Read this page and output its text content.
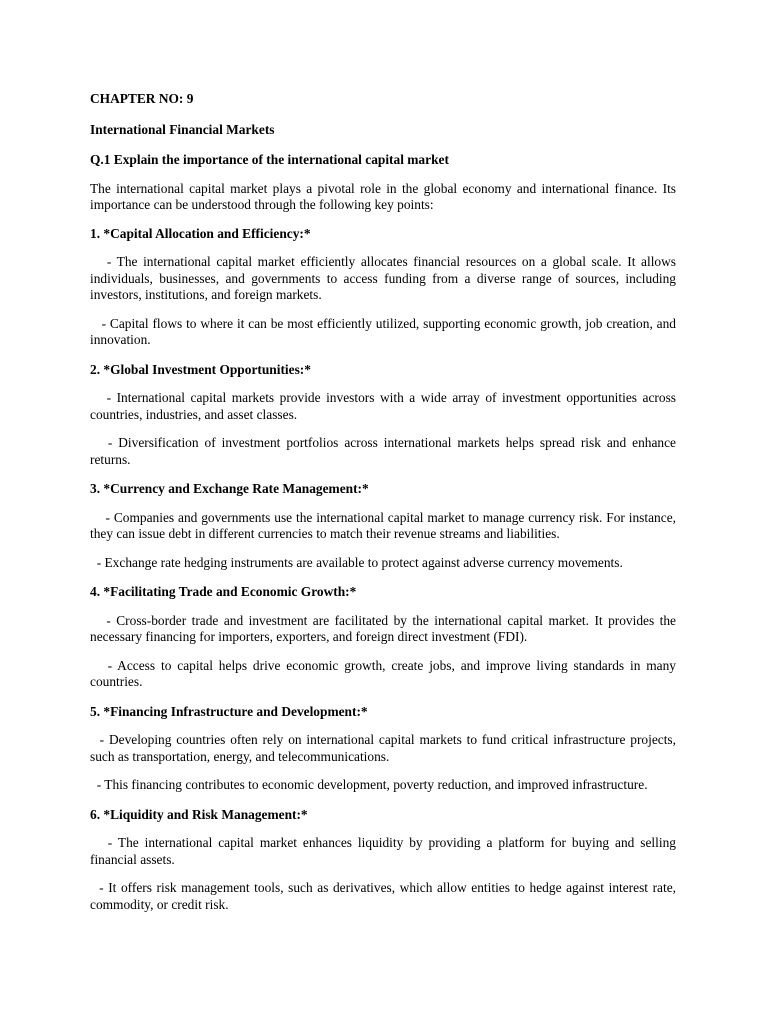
CHAPTER NO: 9

International Financial Markets

Q.1 Explain the importance of the international capital market

The international capital market plays a pivotal role in the global economy and international finance. Its importance can be understood through the following key points:

1. *Capital Allocation and Efficiency:*

- The international capital market efficiently allocates financial resources on a global scale. It allows individuals, businesses, and governments to access funding from a diverse range of sources, including investors, institutions, and foreign markets.

- Capital flows to where it can be most efficiently utilized, supporting economic growth, job creation, and innovation.

2. *Global Investment Opportunities:*

- International capital markets provide investors with a wide array of investment opportunities across countries, industries, and asset classes.

- Diversification of investment portfolios across international markets helps spread risk and enhance returns.

3. *Currency and Exchange Rate Management:*

- Companies and governments use the international capital market to manage currency risk. For instance, they can issue debt in different currencies to match their revenue streams and liabilities.

- Exchange rate hedging instruments are available to protect against adverse currency movements.

4. *Facilitating Trade and Economic Growth:*

- Cross-border trade and investment are facilitated by the international capital market. It provides the necessary financing for importers, exporters, and foreign direct investment (FDI).

- Access to capital helps drive economic growth, create jobs, and improve living standards in many countries.

5. *Financing Infrastructure and Development:*

- Developing countries often rely on international capital markets to fund critical infrastructure projects, such as transportation, energy, and telecommunications.

- This financing contributes to economic development, poverty reduction, and improved infrastructure.

6. *Liquidity and Risk Management:*

- The international capital market enhances liquidity by providing a platform for buying and selling financial assets.

- It offers risk management tools, such as derivatives, which allow entities to hedge against interest rate, commodity, or credit risk.
